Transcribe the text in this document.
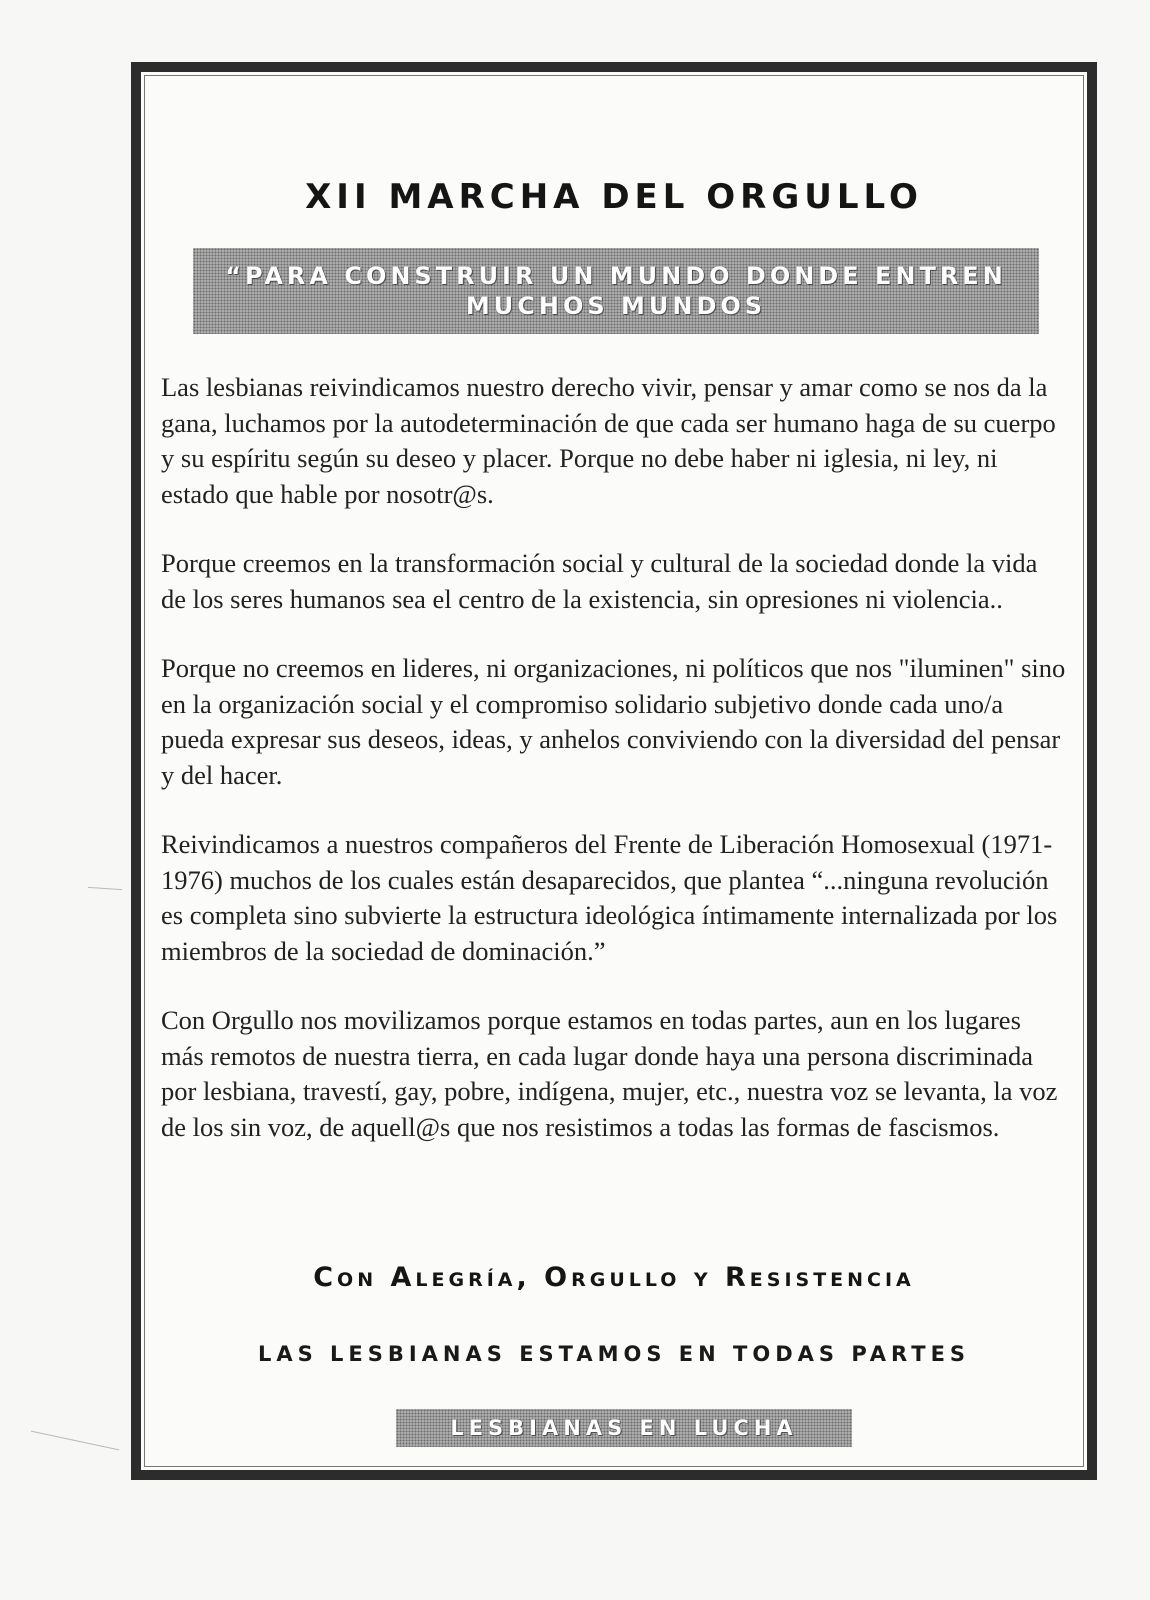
XII MARCHA DEL ORGULLO
“PARA CONSTRUIR UN MUNDO DONDE ENTREN MUCHOS MUNDOS

Las lesbianas reivindicamos nuestro derecho vivir, pensar y amar como se nos da la gana, luchamos por la autodeterminación de que cada ser humano haga de su cuerpo y su espíritu según su deseo y placer. Porque no debe haber ni iglesia, ni ley, ni estado que hable por nosotr@s.

Porque creemos en la transformación social y cultural de la sociedad donde la vida de los seres humanos sea el centro de la existencia, sin opresiones ni violencia..

Porque no creemos en lideres, ni organizaciones, ni políticos que nos "iluminen" sino en la organización social y el compromiso solidario subjetivo donde cada uno/a pueda expresar sus deseos, ideas, y anhelos conviviendo con la diversidad del pensar y del hacer.

Reivindicamos a nuestros compañeros del Frente de Liberación Homosexual (1971-1976) muchos de los cuales están desaparecidos, que plantea “...ninguna revolución es completa sino subvierte la estructura ideológica íntimamente internalizada por los miembros de la sociedad de dominación.”

Con Orgullo nos movilizamos porque estamos en todas partes, aun en los lugares más remotos de nuestra tierra, en cada lugar donde haya una persona discriminada por lesbiana, travestí, gay, pobre, indígena, mujer, etc., nuestra voz se levanta, la voz de los sin voz, de aquell@s que nos resistimos a todas las formas de fascismos.

Con Alegría, Orgullo y Resistencia
LAS LESBIANAS ESTAMOS EN TODAS PARTES
LESBIANAS EN LUCHA
